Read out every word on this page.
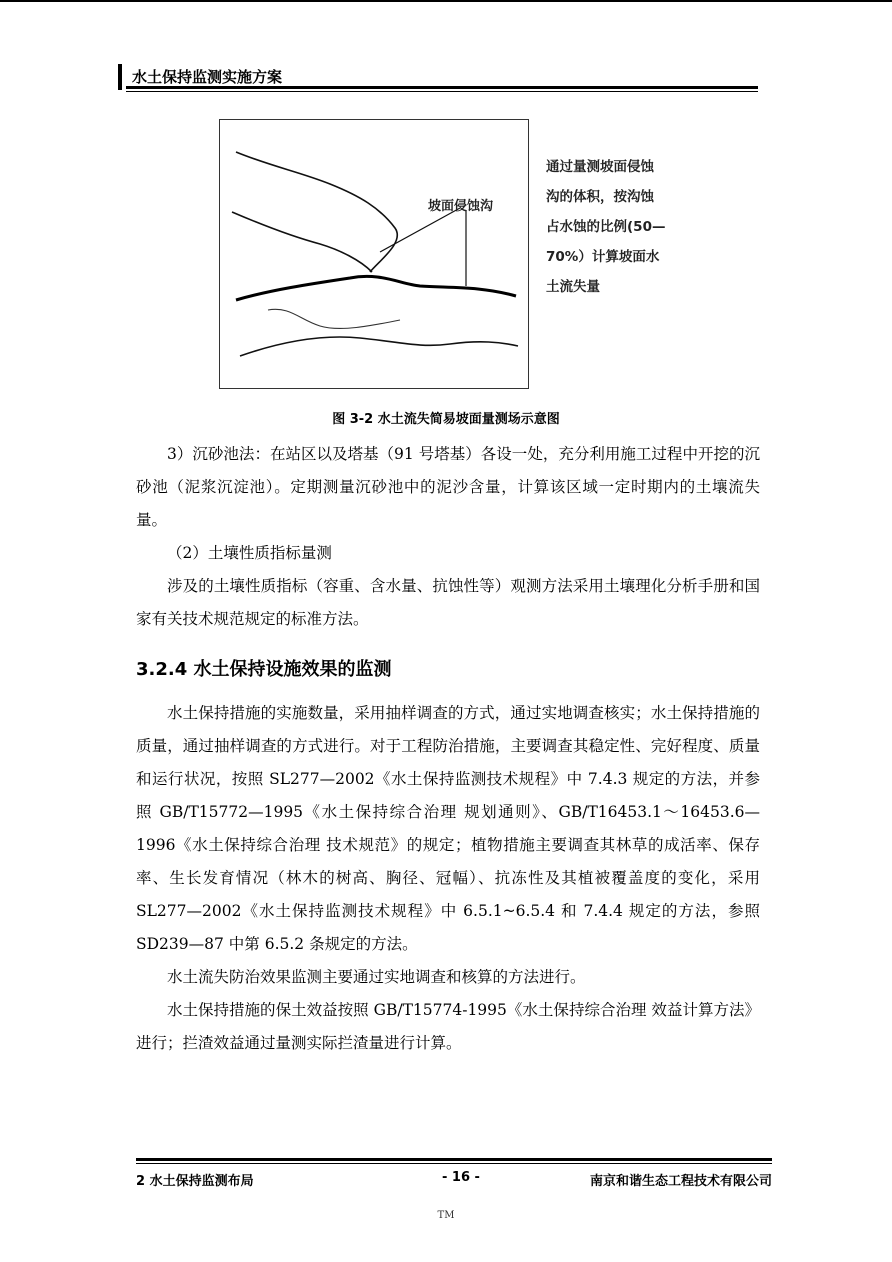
水土保持监测实施方案
坡面侵蚀沟
通过量测坡面侵蚀
沟的体积，按沟蚀
占水蚀的比例(50—
70%）计算坡面水
土流失量
图 3-2 水土流失简易坡面量测场示意图

3）沉砂池法：在站区以及塔基（91 号塔基）各设一处，充分利用施工过程中开挖的沉砂池（泥浆沉淀池）。定期测量沉砂池中的泥沙含量，计算该区域一定时期内的土壤流失量。

（2）土壤性质指标量测

涉及的土壤性质指标（容重、含水量、抗蚀性等）观测方法采用土壤理化分析手册和国家有关技术规范规定的标准方法。

3.2.4 水土保持设施效果的监测

水土保持措施的实施数量，采用抽样调查的方式，通过实地调查核实；水土保持措施的质量，通过抽样调查的方式进行。对于工程防治措施，主要调查其稳定性、完好程度、质量和运行状况，按照 SL277—2002《水土保持监测技术规程》中 7.4.3 规定的方法，并参照 GB/T15772—1995《水土保持综合治理 规划通则》、GB/T16453.1～16453.6—1996《水土保持综合治理 技术规范》的规定；植物措施主要调查其林草的成活率、保存率、生长发育情况（林木的树高、胸径、冠幅）、抗冻性及其植被覆盖度的变化，采用 SL277—2002《水土保持监测技术规程》中 6.5.1~6.5.4 和 7.4.4 规定的方法，参照 SD239—87 中第 6.5.2 条规定的方法。

水土流失防治效果监测主要通过实地调查和核算的方法进行。

水土保持措施的保土效益按照 GB/T15774-1995《水土保持综合治理 效益计算方法》进行；拦渣效益通过量测实际拦渣量进行计算。

2 水土保持监测布局	- 16 -	南京和谐生态工程技术有限公司
TM
